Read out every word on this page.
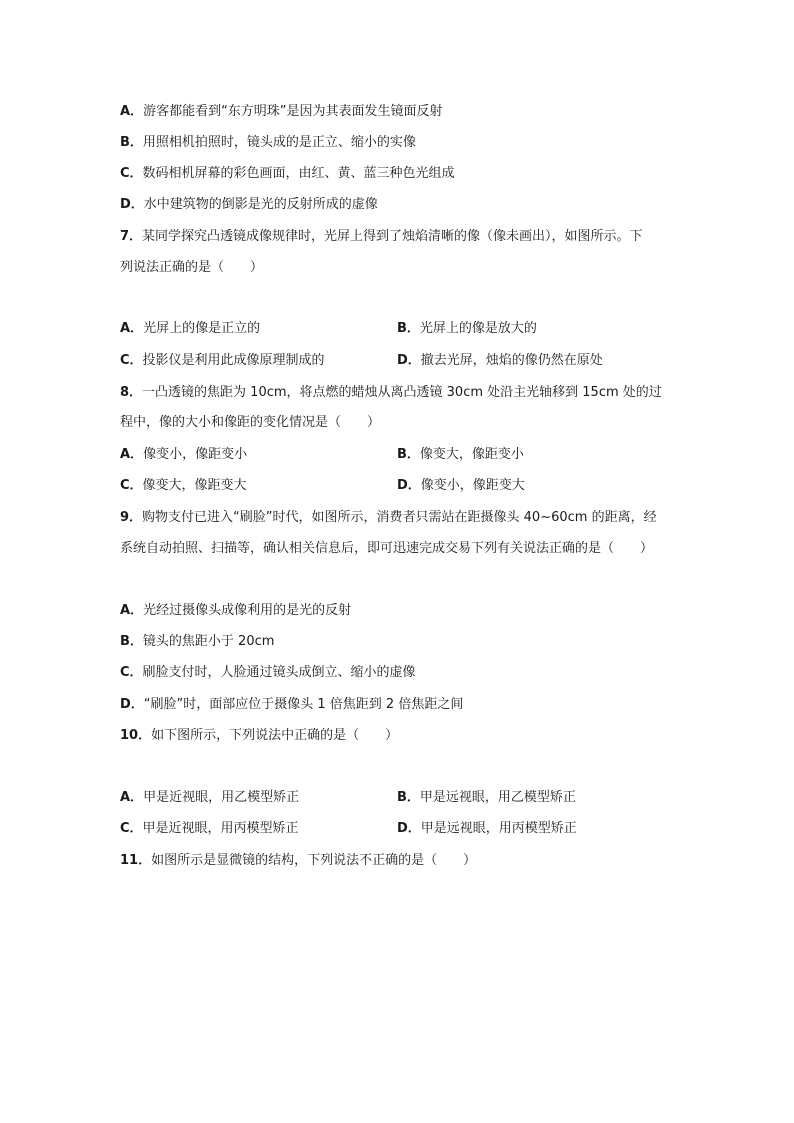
A．游客都能看到“东方明珠”是因为其表面发生镜面反射
B．用照相机拍照时，镜头成的是正立、缩小的实像
C．数码相机屏幕的彩色画面，由红、黄、蓝三种色光组成
D．水中建筑物的倒影是光的反射所成的虚像
7．某同学探究凸透镜成像规律时，光屏上得到了烛焰清晰的像（像未画出），如图所示。下
列说法正确的是（　　）
A．光屏上的像是正立的	B．光屏上的像是放大的
C．投影仪是利用此成像原理制成的	D．撤去光屏，烛焰的像仍然在原处
8．一凸透镜的焦距为 10cm，将点燃的蜡烛从离凸透镜 30cm 处沿主光轴移到 15cm 处的过
程中，像的大小和像距的变化情况是（　　）
A．像变小，像距变小	B．像变大，像距变小
C．像变大，像距变大	D．像变小，像距变大
9．购物支付已进入“刷脸”时代，如图所示，消费者只需站在距摄像头 40~60cm 的距离，经
系统自动拍照、扫描等，确认相关信息后，即可迅速完成交易下列有关说法正确的是（　　）
A．光经过摄像头成像利用的是光的反射
B．镜头的焦距小于 20cm
C．刷脸支付时，人脸通过镜头成倒立、缩小的虚像
D．“刷脸”时，面部应位于摄像头 1 倍焦距到 2 倍焦距之间
10．如下图所示，下列说法中正确的是（　　）
A．甲是近视眼，用乙模型矫正	B．甲是远视眼，用乙模型矫正
C．甲是近视眼，用丙模型矫正	D．甲是远视眼，用丙模型矫正
11．如图所示是显微镜的结构，下列说法不正确的是（　　）
